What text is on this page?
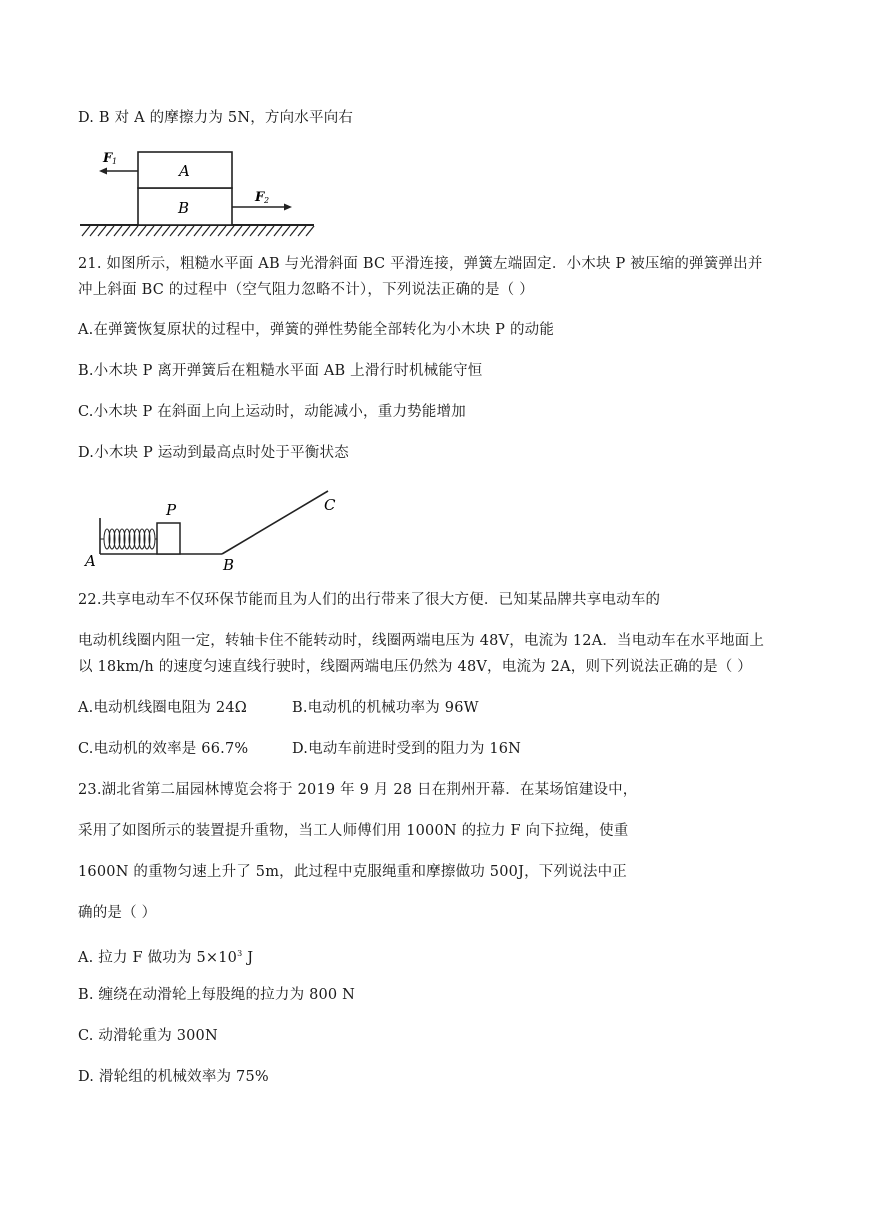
D. B 对 A 的摩擦力为 5N，方向水平向右
B
A
F 1
F 2
21. 如图所示，粗糙水平面 AB 与光滑斜面 BC 平滑连接，弹簧左端固定．小木块 P 被压缩的弹簧弹出并
冲上斜面 BC 的过程中（空气阻力忽略不计），下列说法正确的是（ ）
A.在弹簧恢复原状的过程中，弹簧的弹性势能全部转化为小木块 P 的动能
B.小木块 P 离开弹簧后在粗糙水平面 AB 上滑行时机械能守恒
C.小木块 P 在斜面上向上运动时，动能减小，重力势能增加
D.小木块 P 运动到最高点时处于平衡状态
P
A	B
C
22.共享电动车不仅环保节能而且为人们的出行带来了很大方便．已知某品牌共享电动车的
电动机线圈内阻一定，转轴卡住不能转动时，线圈两端电压为 48V，电流为 12A．当电动车在水平地面上
以 18km/h 的速度匀速直线行驶时，线圈两端电压仍然为 48V，电流为 2A，则下列说法正确的是（ ）
A.电动机线圈电阻为 24Ω	B.电动机的机械功率为 96W
C.电动机的效率是 66.7%	D.电动车前进时受到的阻力为 16N
23.湖北省第二届园林博览会将于 2019 年 9 月 28 日在荆州开幕．在某场馆建设中，
采用了如图所示的装置提升重物，当工人师傅们用 1000N 的拉力 F 向下拉绳，使重
1600N 的重物匀速上升了 5m，此过程中克服绳重和摩擦做功 500J，下列说法中正
确的是（ ）
A. 拉力 F 做功为 $5\times 10^3$ J
B. 缠绕在动滑轮上每股绳的拉力为 800 N
C. 动滑轮重为 300N
D. 滑轮组的机械效率为 75%
